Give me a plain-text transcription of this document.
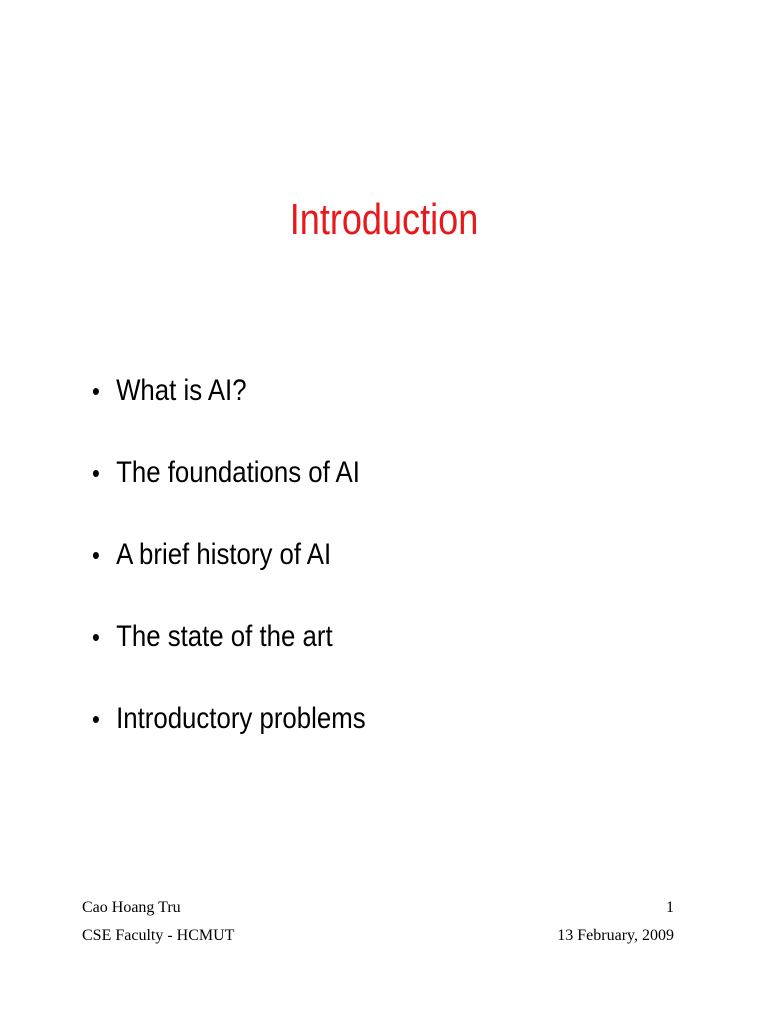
Introduction
• What is AI?
• The foundations of AI
• A brief history of AI
• The state of the art
• Introductory problems
Cao Hoang Tru
CSE Faculty - HCMUT
1
13 February, 2009
